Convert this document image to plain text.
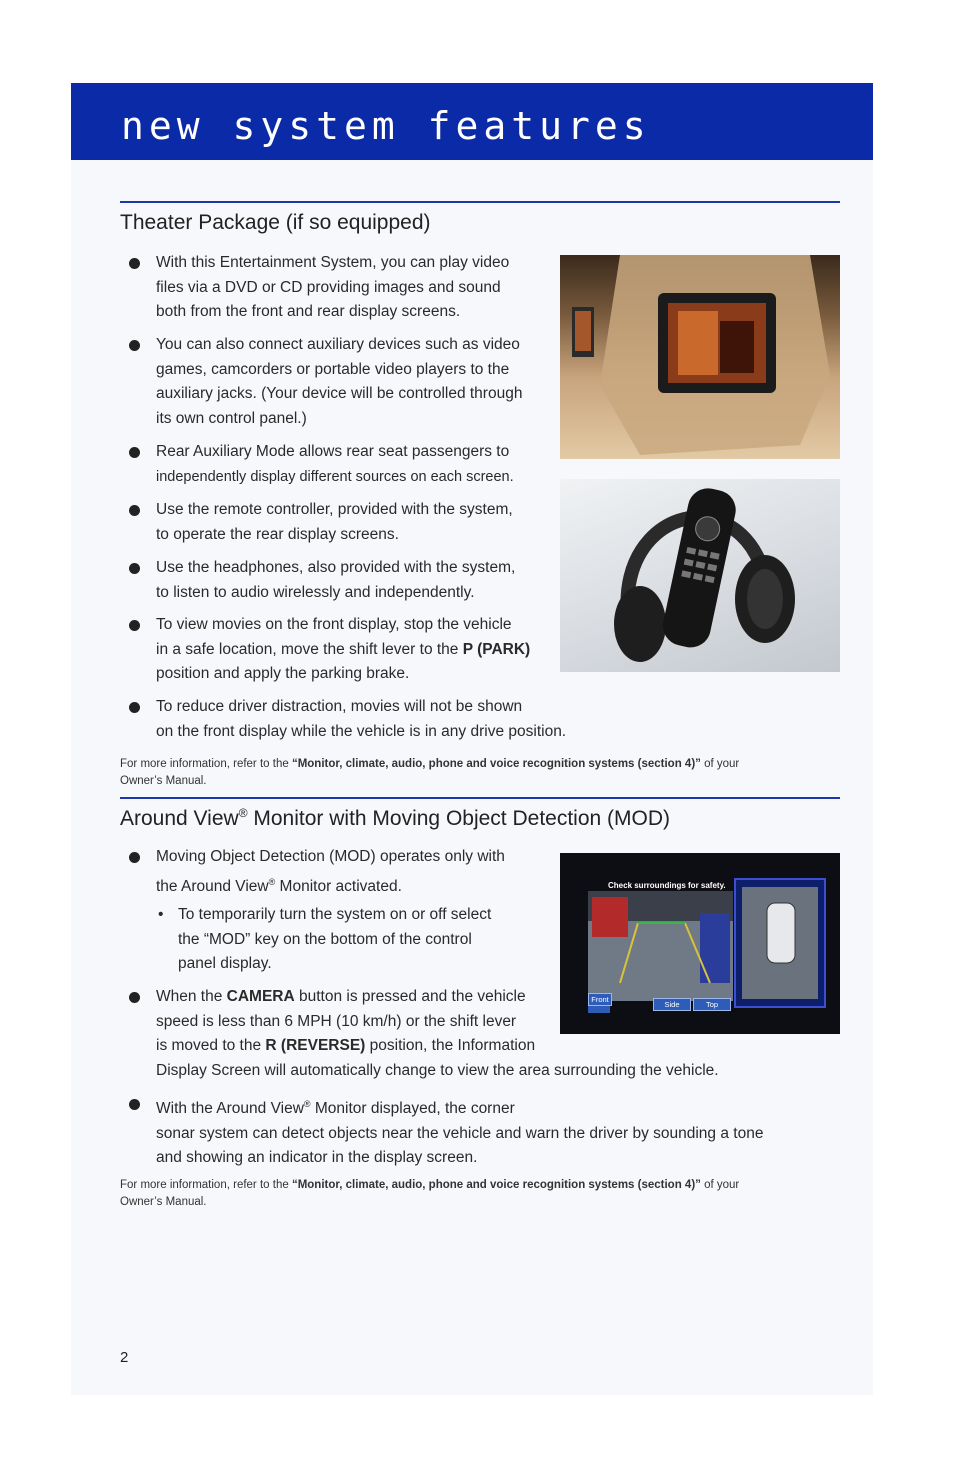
new system features
Theater Package (if so equipped)
With this Entertainment System, you can play video
files via a DVD or CD providing images and sound
both from the front and rear display screens.
You can also connect auxiliary devices such as video
games, camcorders or portable video players to the
auxiliary jacks. (Your device will be controlled through
its own control panel.)
Rear Auxiliary Mode allows rear seat passengers to
independently display different sources on each screen.
Use the remote controller, provided with the system,
to operate the rear display screens.
Use the headphones, also provided with the system,
to listen to audio wirelessly and independently.
To view movies on the front display, stop the vehicle
in a safe location, move the shift lever to the P (PARK)
position and apply the parking brake.
To reduce driver distraction, movies will not be shown
on the front display while the vehicle is in any drive position.
For more information, refer to the “Monitor, climate, audio, phone and voice recognition systems (section 4)” of your
Owner’s Manual.
Around View® Monitor with Moving Object Detection (MOD)
Moving Object Detection (MOD) operates only with
the Around View® Monitor activated.
• To temporarily turn the system on or off select
the “MOD” key on the bottom of the control
panel display.
When the CAMERA button is pressed and the vehicle
speed is less than 6 MPH (10 km/h) or the shift lever
is moved to the R (REVERSE) position, the Information
Display Screen will automatically change to view the area surrounding the vehicle.
With the Around View® Monitor displayed, the corner
sonar system can detect objects near the vehicle and warn the driver by sounding a tone
and showing an indicator in the display screen.
For more information, refer to the “Monitor, climate, audio, phone and voice recognition systems (section 4)” of your
Owner’s Manual.
Check surroundings for safety.
Front
Side	Top
2
